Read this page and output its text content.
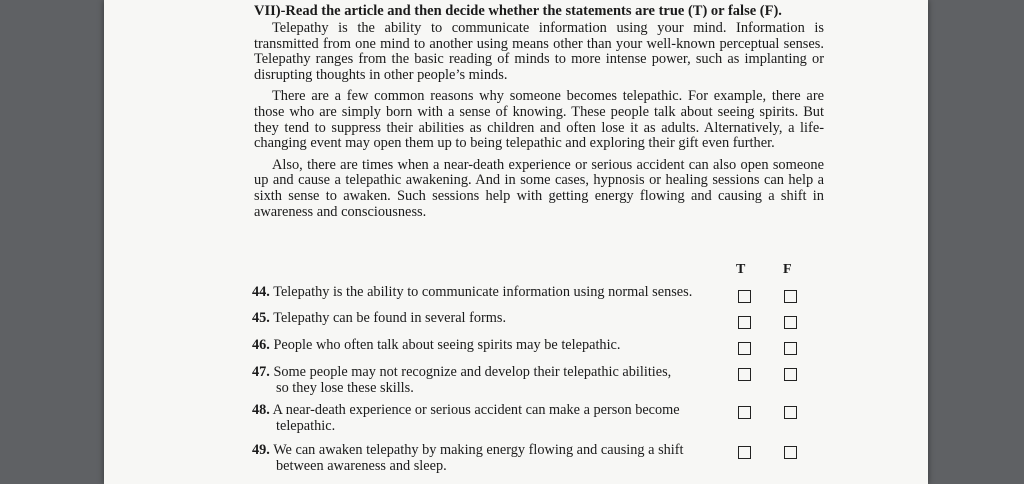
VII)-Read the article and then decide whether the statements are true (T) or false (F).

Telepathy is the ability to communicate information using your mind. Information is transmitted from one mind to another using means other than your well-known perceptual senses. Telepathy ranges from the basic reading of minds to more intense power, such as implanting or disrupting thoughts in other people’s minds.

There are a few common reasons why someone becomes telepathic. For example, there are those who are simply born with a sense of knowing. These people talk about seeing spirits. But they tend to suppress their abilities as children and often lose it as adults. Alternatively, a life-changing event may open them up to being telepathic and exploring their gift even further.

Also, there are times when a near-death experience or serious accident can also open someone up and cause a telepathic awakening. And in some cases, hypnosis or healing sessions can help a sixth sense to awaken. Such sessions help with getting energy flowing and causing a shift in awareness and consciousness.

T	F
44. Telepathy is the ability to communicate information using normal senses.
45. Telepathy can be found in several forms.
46. People who often talk about seeing spirits may be telepathic.
47. Some people may not recognize and develop their telepathic abilities,
so they lose these skills.
48. A near-death experience or serious accident can make a person become
telepathic.
49. We can awaken telepathy by making energy flowing and causing a shift
between awareness and sleep.
